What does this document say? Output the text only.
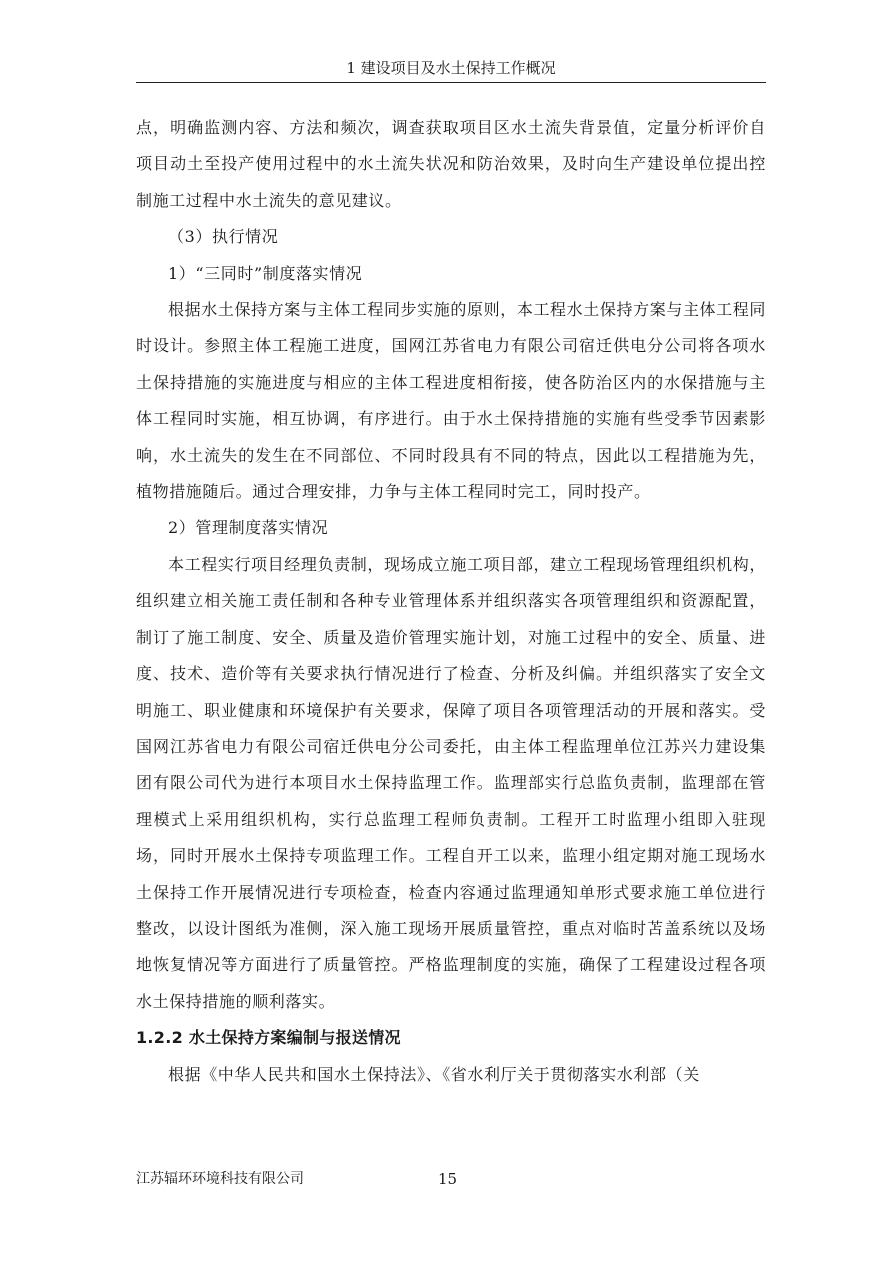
1 建设项目及水土保持工作概况

点，明确监测内容、方法和频次，调查获取项目区水土流失背景值，定量分析评价自项目动土至投产使用过程中的水土流失状况和防治效果，及时向生产建设单位提出控制施工过程中水土流失的意见建议。

（3）执行情况

1）“三同时”制度落实情况

根据水土保持方案与主体工程同步实施的原则，本工程水土保持方案与主体工程同时设计。参照主体工程施工进度，国网江苏省电力有限公司宿迁供电分公司将各项水土保持措施的实施进度与相应的主体工程进度相衔接，使各防治区内的水保措施与主体工程同时实施，相互协调，有序进行。由于水土保持措施的实施有些受季节因素影响，水土流失的发生在不同部位、不同时段具有不同的特点，因此以工程措施为先，植物措施随后。通过合理安排，力争与主体工程同时完工，同时投产。

2）管理制度落实情况

本工程实行项目经理负责制，现场成立施工项目部，建立工程现场管理组织机构，组织建立相关施工责任制和各种专业管理体系并组织落实各项管理组织和资源配置，制订了施工制度、安全、质量及造价管理实施计划，对施工过程中的安全、质量、进度、技术、造价等有关要求执行情况进行了检查、分析及纠偏。并组织落实了安全文明施工、职业健康和环境保护有关要求，保障了项目各项管理活动的开展和落实。受国网江苏省电力有限公司宿迁供电分公司委托，由主体工程监理单位江苏兴力建设集团有限公司代为进行本项目水土保持监理工作。监理部实行总监负责制，监理部在管理模式上采用组织机构，实行总监理工程师负责制。工程开工时监理小组即入驻现场，同时开展水土保持专项监理工作。工程自开工以来，监理小组定期对施工现场水土保持工作开展情况进行专项检查，检查内容通过监理通知单形式要求施工单位进行整改，以设计图纸为准侧，深入施工现场开展质量管控，重点对临时苫盖系统以及场地恢复情况等方面进行了质量管控。严格监理制度的实施，确保了工程建设过程各项水土保持措施的顺利落实。

1.2.2 水土保持方案编制与报送情况

根据《中华人民共和国水土保持法》、《省水利厅关于贯彻落实水利部（关

江苏辐环环境科技有限公司	15
